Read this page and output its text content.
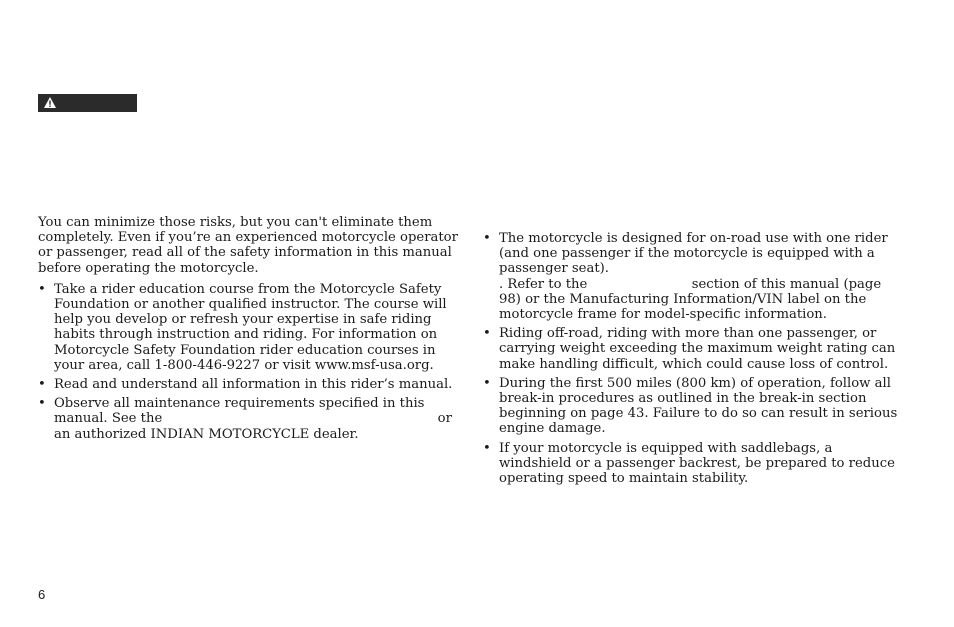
You can minimize those risks, but you can't eliminate them completely. Even if you’re an experienced motorcycle operator or passenger, read all of the safety information in this manual before operating the motorcycle.

• Take a rider education course from the Motorcycle Safety Foundation or another qualified instructor. The course will help you develop or refresh your expertise in safe riding habits through instruction and riding. For information on Motorcycle Safety Foundation rider education courses in your area, call 1-800-446-9227 or visit www.msf-usa.org.
• Read and understand all information in this rider’s manual.
• Observe all maintenance requirements specified in this manual. See the	or an authorized INDIAN MOTORCYCLE dealer.
• The motorcycle is designed for on-road use with one rider (and one passenger if the motorcycle is equipped with a passenger seat).
. Refer to the	section of this manual (page 98) or the Manufacturing Information/VIN label on the motorcycle frame for model-specific information.
• Riding off-road, riding with more than one passenger, or carrying weight exceeding the maximum weight rating can make handling difficult, which could cause loss of control.
• During the first 500 miles (800 km) of operation, follow all break-in procedures as outlined in the break-in section beginning on page 43. Failure to do so can result in serious engine damage.
• If your motorcycle is equipped with saddlebags, a windshield or a passenger backrest, be prepared to reduce operating speed to maintain stability.
6
